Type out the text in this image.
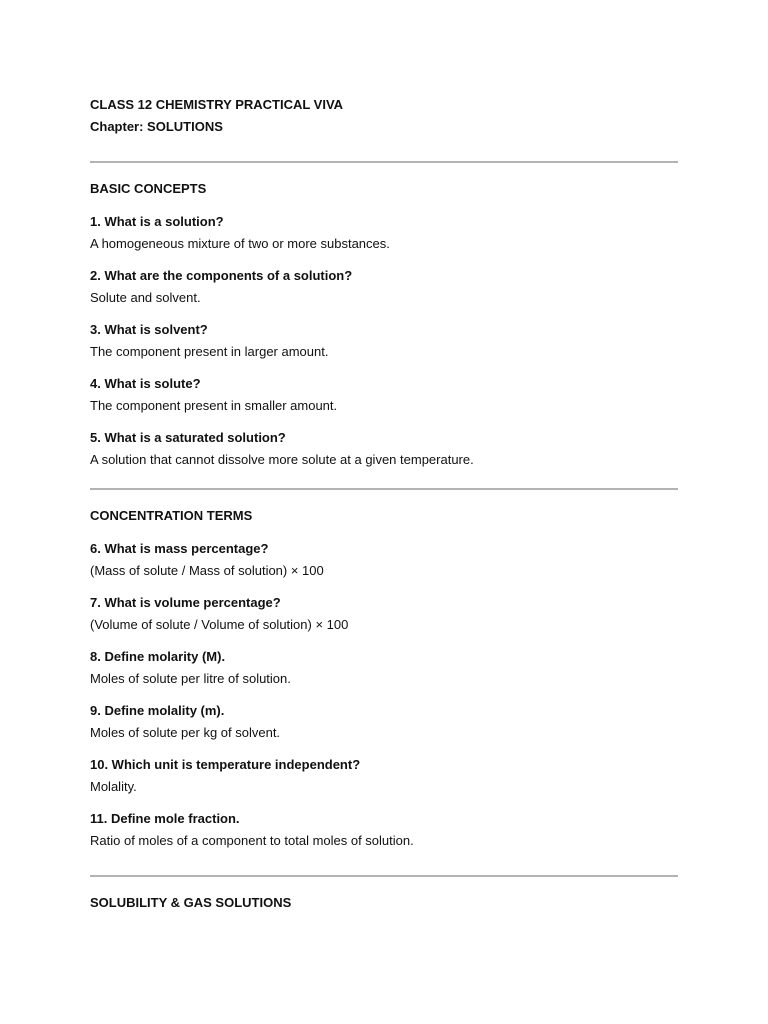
CLASS 12 CHEMISTRY PRACTICAL VIVA

Chapter: SOLUTIONS

BASIC CONCEPTS

1. What is a solution?

A homogeneous mixture of two or more substances.

2. What are the components of a solution?

Solute and solvent.

3. What is solvent?

The component present in larger amount.

4. What is solute?

The component present in smaller amount.

5. What is a saturated solution?

A solution that cannot dissolve more solute at a given temperature.

CONCENTRATION TERMS

6. What is mass percentage?

(Mass of solute / Mass of solution) × 100

7. What is volume percentage?

(Volume of solute / Volume of solution) × 100

8. Define molarity (M).

Moles of solute per litre of solution.

9. Define molality (m).

Moles of solute per kg of solvent.

10. Which unit is temperature independent?

Molality.

11. Define mole fraction.

Ratio of moles of a component to total moles of solution.

SOLUBILITY & GAS SOLUTIONS
